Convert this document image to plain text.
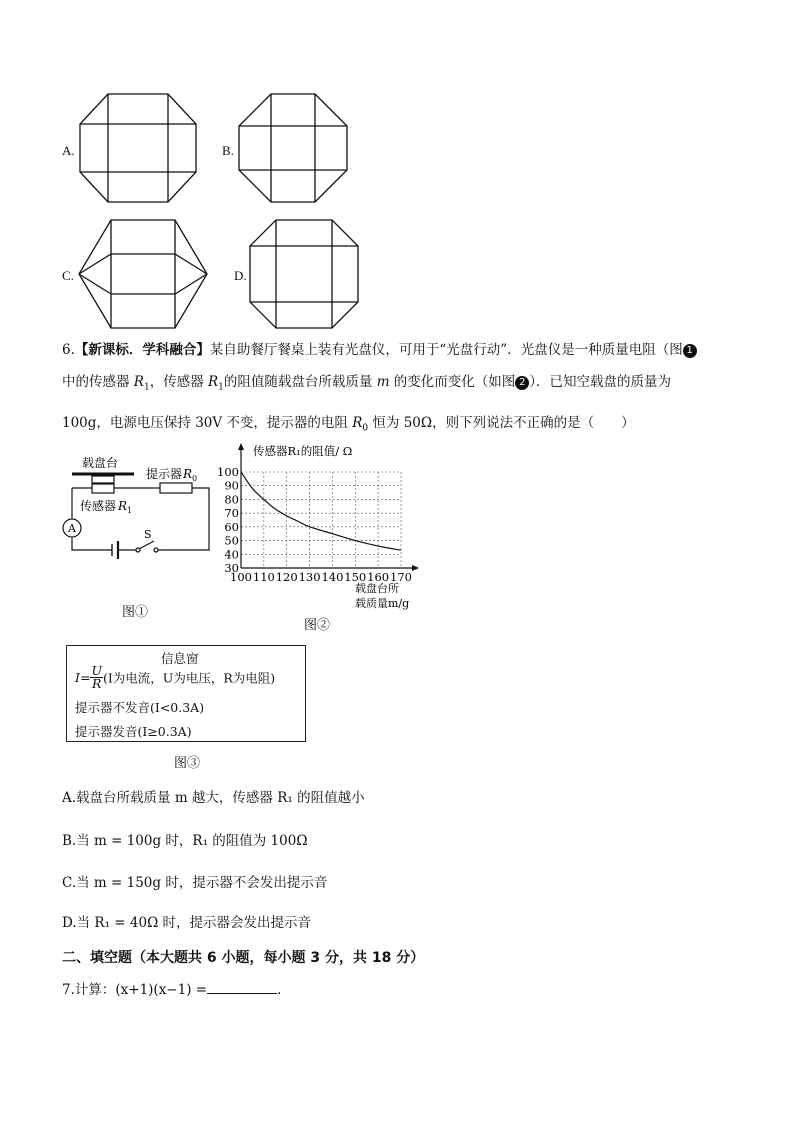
A.	B.
C.	D.
6.【新课标．学科融合】某自助餐厅餐桌上装有光盘仪，可用于“光盘行动”．光盘仪是一种质量电阻（图 1
中的传感器 $R_1$，传感器 $R_1$的阻值随载盘台所载质量 m 的变化而变化（如图 2 ）．已知空载盘的质量为
100g，电源电压保持 30V 不变，提示器的电阻 $R_0$ 恒为 50Ω，则下列说法不正确的是（　　）
载盘台
提示器 R 0
传感器 R 1
A	S
图①
100
90
80
70
60
50
40
30
100 110 120 130 140 150 160 170
传感器R₁的阻值/ Ω
载盘台所
载质量m/g
图②
信息窗
$I= \frac{U}{R} (I$为电流，U为电压，R为电阻)
提示器不发音(I<0.3A)
提示器发音(I≥0.3A)
图③
A.载盘台所载质量 m 越大，传感器 R₁ 的阻值越小
B.当 m = 100g 时，R₁ 的阻值为 100Ω
C.当 m = 150g 时，提示器不会发出提示音
D.当 R₁ = 40Ω 时，提示器会发出提示音
二、填空题（本大题共 6 小题，每小题 3 分，共 18 分）
7.计算：(x+1)(x−1) =	.
